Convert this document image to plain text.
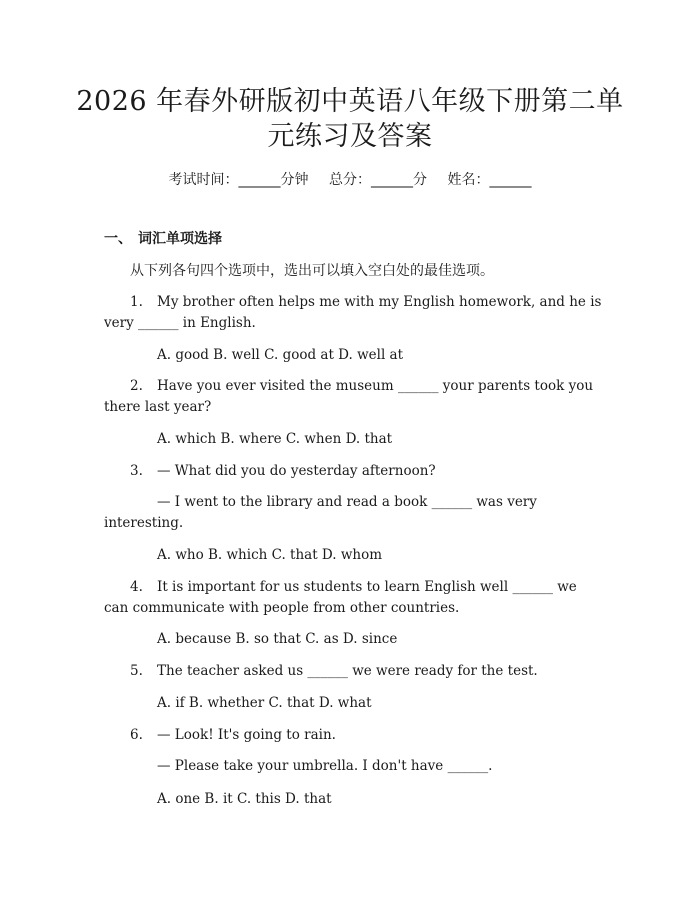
2026 年春外研版初中英语八年级下册第二单
元练习及答案
考试时间：______分钟 总分：______分 姓名：______
一、 词汇单项选择
从下列各句四个选项中，选出可以填入空白处的最佳选项。
1. My brother often helps me with my English homework, and he is
very ______ in English.
A. good B. well C. good at D. well at
2. Have you ever visited the museum ______ your parents took you
there last year?
A. which B. where C. when D. that
3. — What did you do yesterday afternoon?
— I went to the library and read a book ______ was very
interesting.
A. who B. which C. that D. whom
4. It is important for us students to learn English well ______ we
can communicate with people from other countries.
A. because B. so that C. as D. since
5. The teacher asked us ______ we were ready for the test.
A. if B. whether C. that D. what
6. — Look! It's going to rain.
— Please take your umbrella. I don't have ______.
A. one B. it C. this D. that
